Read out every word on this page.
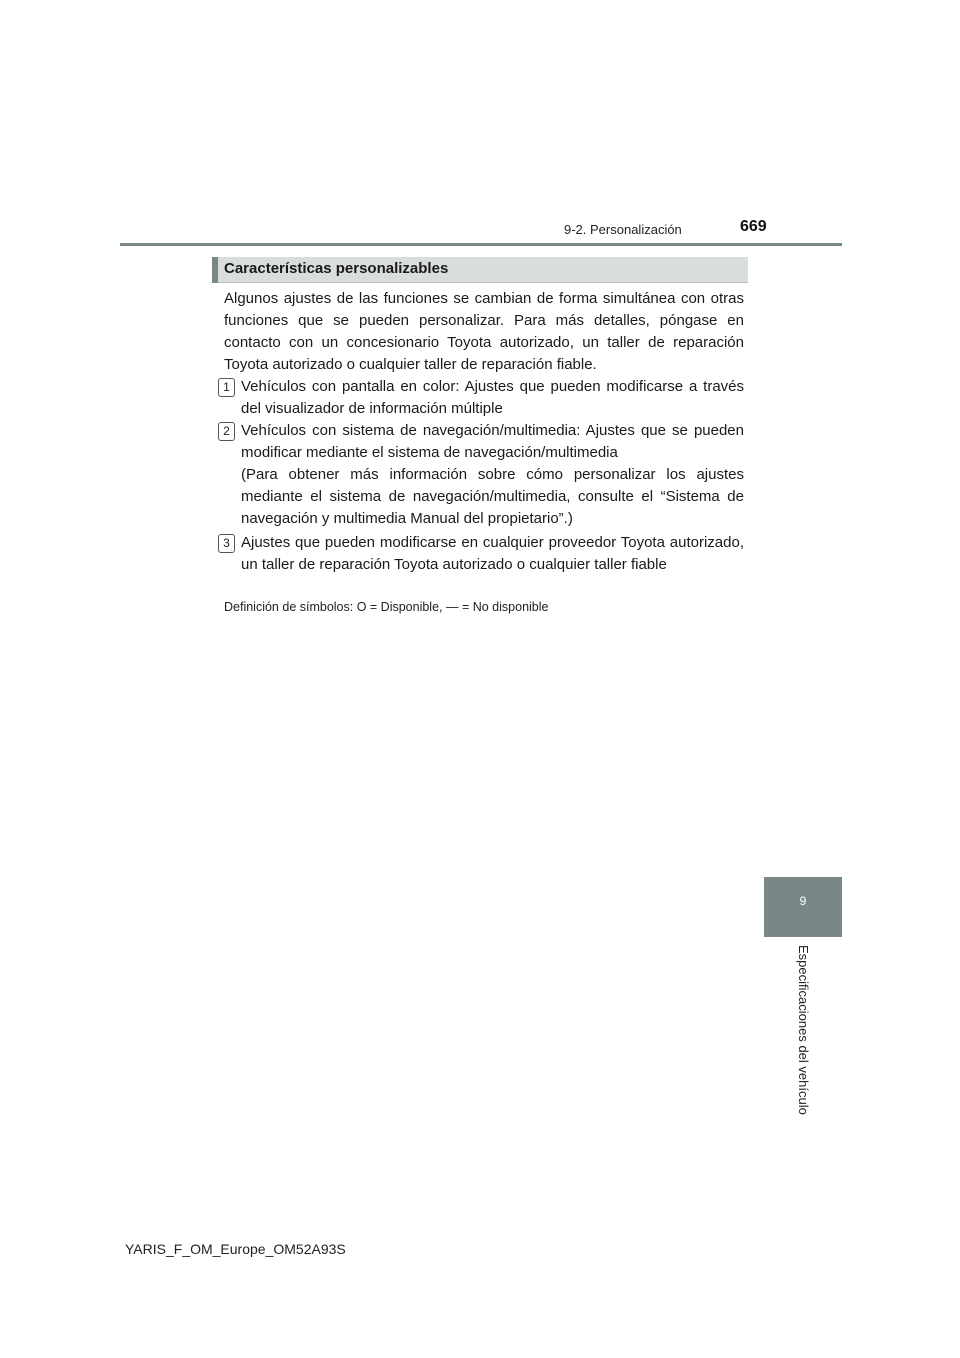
9-2. Personalización	669
Características personalizables

Algunos ajustes de las funciones se cambian de forma simultánea con otras funciones que se pueden personalizar. Para más detalles, póngase en contacto con un concesionario Toyota autorizado, un taller de reparación Toyota autorizado o cualquier taller de reparación fiable.

1 Vehículos con pantalla en color: Ajustes que pueden modificarse a través del visualizador de información múltiple

2 Vehículos con sistema de navegación/multimedia: Ajustes que se pueden modificar mediante el sistema de navegación/multimedia

(Para obtener más información sobre cómo personalizar los ajustes mediante el sistema de navegación/multimedia, consulte el “Sistema de navegación y multimedia Manual del propietario”.)

3 Ajustes que pueden modificarse en cualquier proveedor Toyota autorizado, un taller de reparación Toyota autorizado o cualquier taller fiable

Definición de símbolos: O = Disponible, — = No disponible
9
Especificaciones del vehículo
YARIS_F_OM_Europe_OM52A93S
